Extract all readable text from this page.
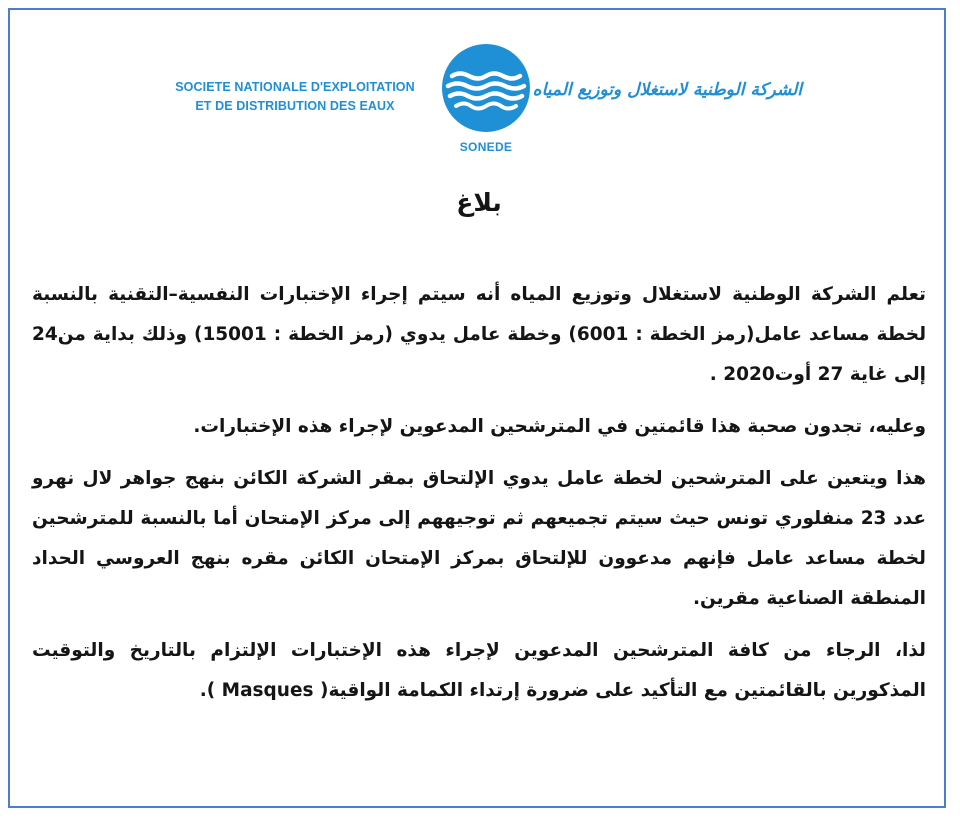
SOCIETE NATIONALE D'EXPLOITATION
ET DE DISTRIBUTION DES EAUX
SONEDE
الشركة الوطنية لاستغلال وتوزيع المياه
بلاغ

تعلم الشركة الوطنية لاستغلال وتوزيع المياه أنه سيتم إجراء الإختبارات النفسية–التقنية بالنسبة لخطة مساعد عامل(رمز الخطة : 6001) وخطة عامل يدوي (رمز الخطة : 15001) وذلك بداية من24 إلى غاية 27 أوت2020 .

وعليه، تجدون صحبة هذا قائمتين في المترشحين المدعوين لإجراء هذه الإختبارات.

هذا ويتعين على المترشحين لخطة عامل يدوي الإلتحاق بمقر الشركة الكائن بنهج جواهر لال نهرو عدد 23 منفلوري تونس حيث سيتم تجميعهم ثم توجيههم إلى مركز الإمتحان أما بالنسبة للمترشحين لخطة مساعد عامل فإنهم مدعوون للإلتحاق بمركز الإمتحان الكائن مقره بنهج العروسي الحداد المنطقة الصناعية مقرين.

لذا، الرجاء من كافة المترشحين المدعوين لإجراء هذه الإختبارات الإلتزام بالتاريخ والتوقيت المذكورين بالقائمتين مع التأكيد على ضرورة إرتداء الكمامة الواقية( Masques ).
